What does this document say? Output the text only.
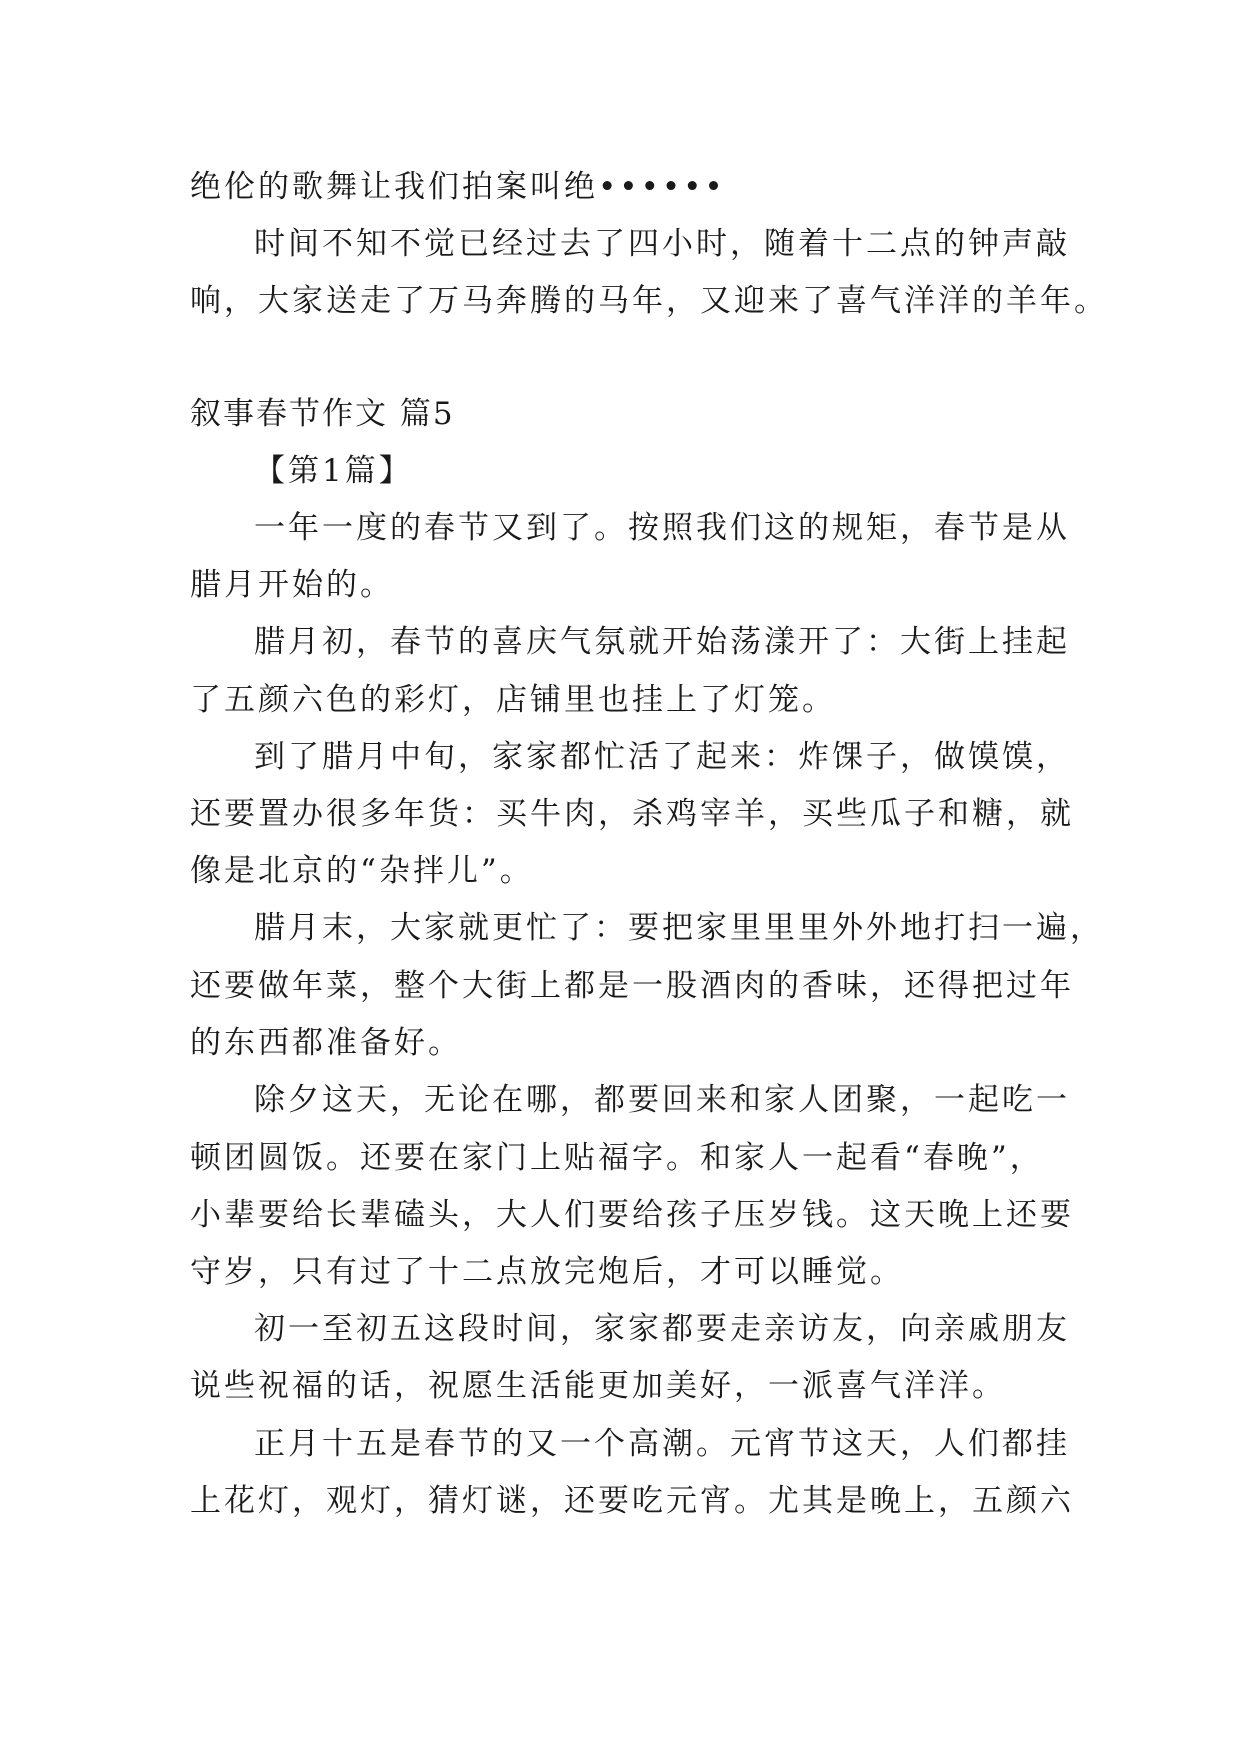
绝伦的歌舞让我们拍案叫绝••••••
时间不知不觉已经过去了四小时，随着十二点的钟声敲
响，大家送走了万马奔腾的马年，又迎来了喜气洋洋的羊年。
叙事春节作文 篇5
【第1篇】
一年一度的春节又到了。按照我们这的规矩，春节是从
腊月开始的。
腊月初，春节的喜庆气氛就开始荡漾开了：大街上挂起
了五颜六色的彩灯，店铺里也挂上了灯笼。
到了腊月中旬，家家都忙活了起来：炸馃子，做馍馍，
还要置办很多年货：买牛肉，杀鸡宰羊，买些瓜子和糖，就
像是北京的“杂拌儿”。
腊月末，大家就更忙了：要把家里里里外外地打扫一遍，
还要做年菜，整个大街上都是一股酒肉的香味，还得把过年
的东西都准备好。
除夕这天，无论在哪，都要回来和家人团聚，一起吃一
顿团圆饭。还要在家门上贴福字。和家人一起看“春晚”，
小辈要给长辈磕头，大人们要给孩子压岁钱。这天晚上还要
守岁，只有过了十二点放完炮后，才可以睡觉。
初一至初五这段时间，家家都要走亲访友，向亲戚朋友
说些祝福的话，祝愿生活能更加美好，一派喜气洋洋。
正月十五是春节的又一个高潮。元宵节这天，人们都挂
上花灯，观灯，猜灯谜，还要吃元宵。尤其是晚上，五颜六
